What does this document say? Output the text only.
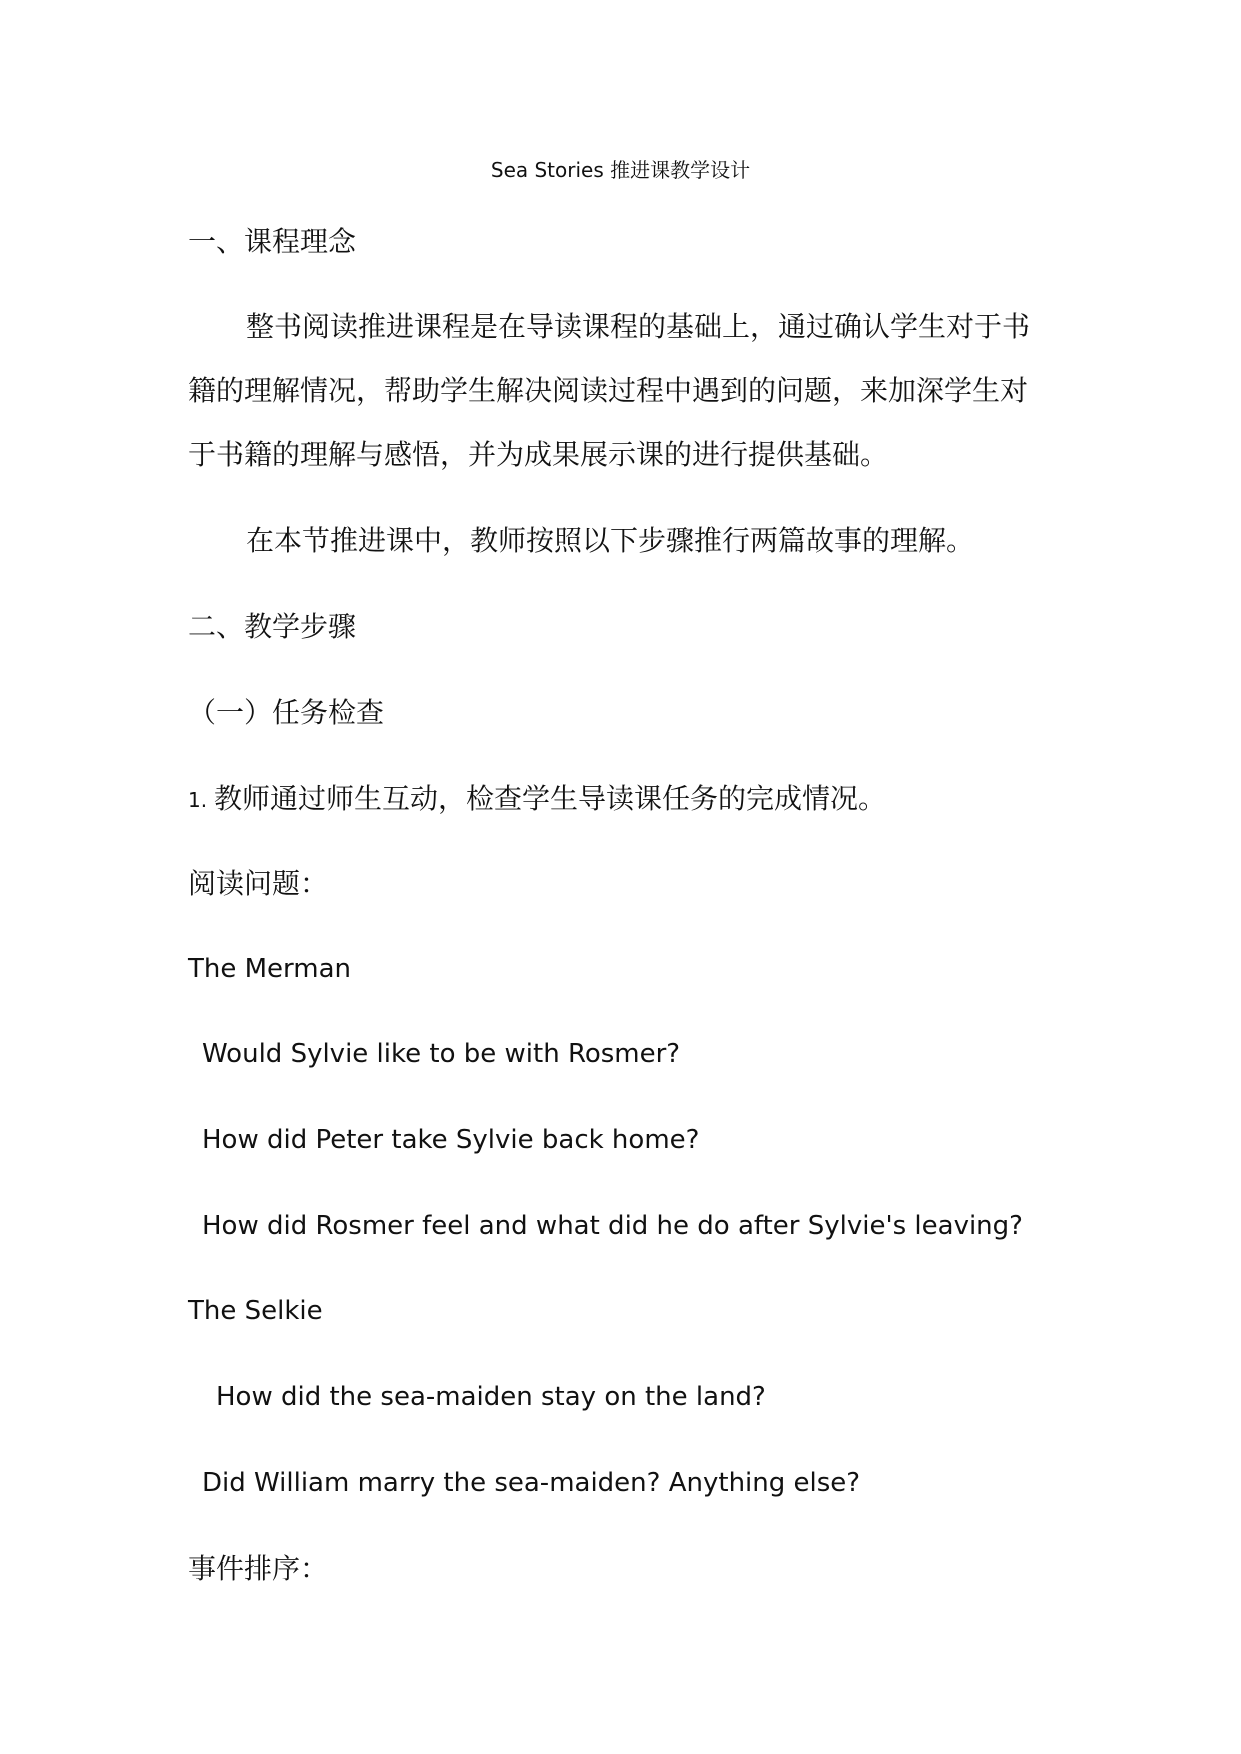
Sea Stories 推进课教学设计
一、课程理念
整书阅读推进课程是在导读课程的基础上，通过确认学生对于书
籍的理解情况，帮助学生解决阅读过程中遇到的问题，来加深学生对
于书籍的理解与感悟，并为成果展示课的进行提供基础。
在本节推进课中，教师按照以下步骤推行两篇故事的理解。
二、教学步骤
（一）任务检查
1. 教师通过师生互动，检查学生导读课任务的完成情况。
阅读问题：
The Merman
Would Sylvie like to be with Rosmer?
How did Peter take Sylvie back home?
How did Rosmer feel and what did he do after Sylvie's leaving?
The Selkie
How did the sea-maiden stay on the land?
Did William marry the sea-maiden? Anything else?
事件排序：
